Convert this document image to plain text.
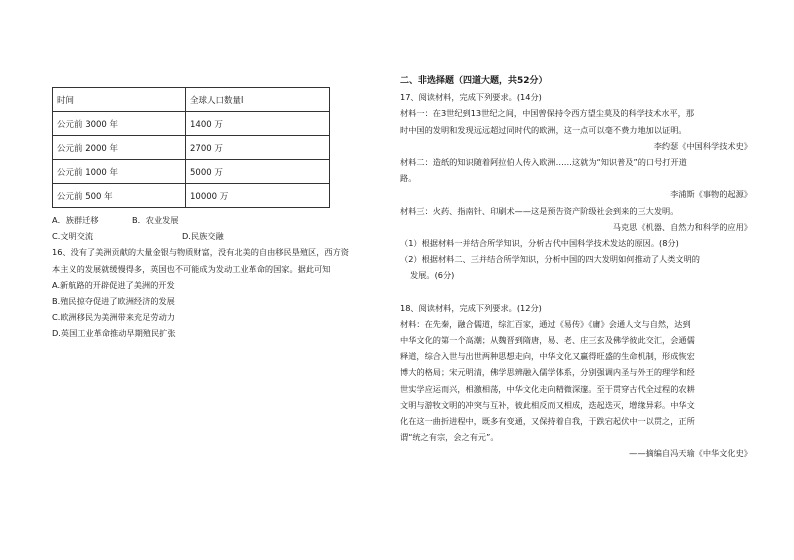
时间	全球人口数量l
公元前 3000 年	1400 万
公元前 2000 年	2700 万
公元前 1000 年	5000 万
公元前 500 年	10000 万
A．族群迁移	B．农业发展
C.文明交流	D.民族交融
16、没有了美洲贡献的大量金银与物质财富，没有北美的自由移民垦殖区，西方资
本主义的发展就缓慢得多，英国也不可能成为发动工业革命的国家。据此可知
A.新航路的开辟促进了美洲的开发
B.殖民掠夺促进了欧洲经济的发展
C.欧洲移民为美洲带来充足劳动力
D.英国工业革命推动早期殖民扩张
二、非选择题（四道大题，共52分）
17、阅读材料，完成下列要求。(14分)
材料一：在3世纪到13世纪之间，中国曾保持令西方望尘莫及的科学技术水平，那
时中国的发明和发现远远超过同时代的欧洲，这一点可以毫不费力地加以证明。
李约瑟《中国科学技术史》
材料二：造纸的知识随着阿拉伯人传入欧洲……这就为“知识普及”的口号打开道
路。
李浦斯《事物的起源》
材料三：火药、指南针、印刷术——这是预告资产阶级社会到来的三大发明。
马克思《机器、自然力和科学的应用》
（1）根据材料一并结合所学知识，分析古代中国科学技术发达的原因。(8分)
（2）根据材料二、三并结合所学知识，分析中国的四大发明如何推动了人类文明的
发展。(6分)
18、阅读材料，完成下列要求。(12分)
材料：在先秦，融合儒道，综汇百家，通过《易传》《庸》会通人文与自然，达到
中华文化的第一个高潮；从魏晋到隋唐，易、老、庄三玄及佛学彼此交汇，会通儒
释道，综合入世与出世两种思想走向，中华文化又赢得旺盛的生命机制，形成恢宏
博大的格局；宋元明清，佛学思辨融入儒学体系，分别强调内圣与外王的理学和经
世实学应运而兴，相激相荡，中华文化走向精微深邃。至于贯穿古代全过程的农耕
文明与游牧文明的冲突与互补，彼此相反而又相成，迭起迭灭，增缘异彩。中华文
化在这一曲折进程中，既多有变通，又保持着自我，于跌宕起伏中一以贯之，正所
谓“统之有宗，会之有元”。
——摘编自冯天瑜《中华文化史》
